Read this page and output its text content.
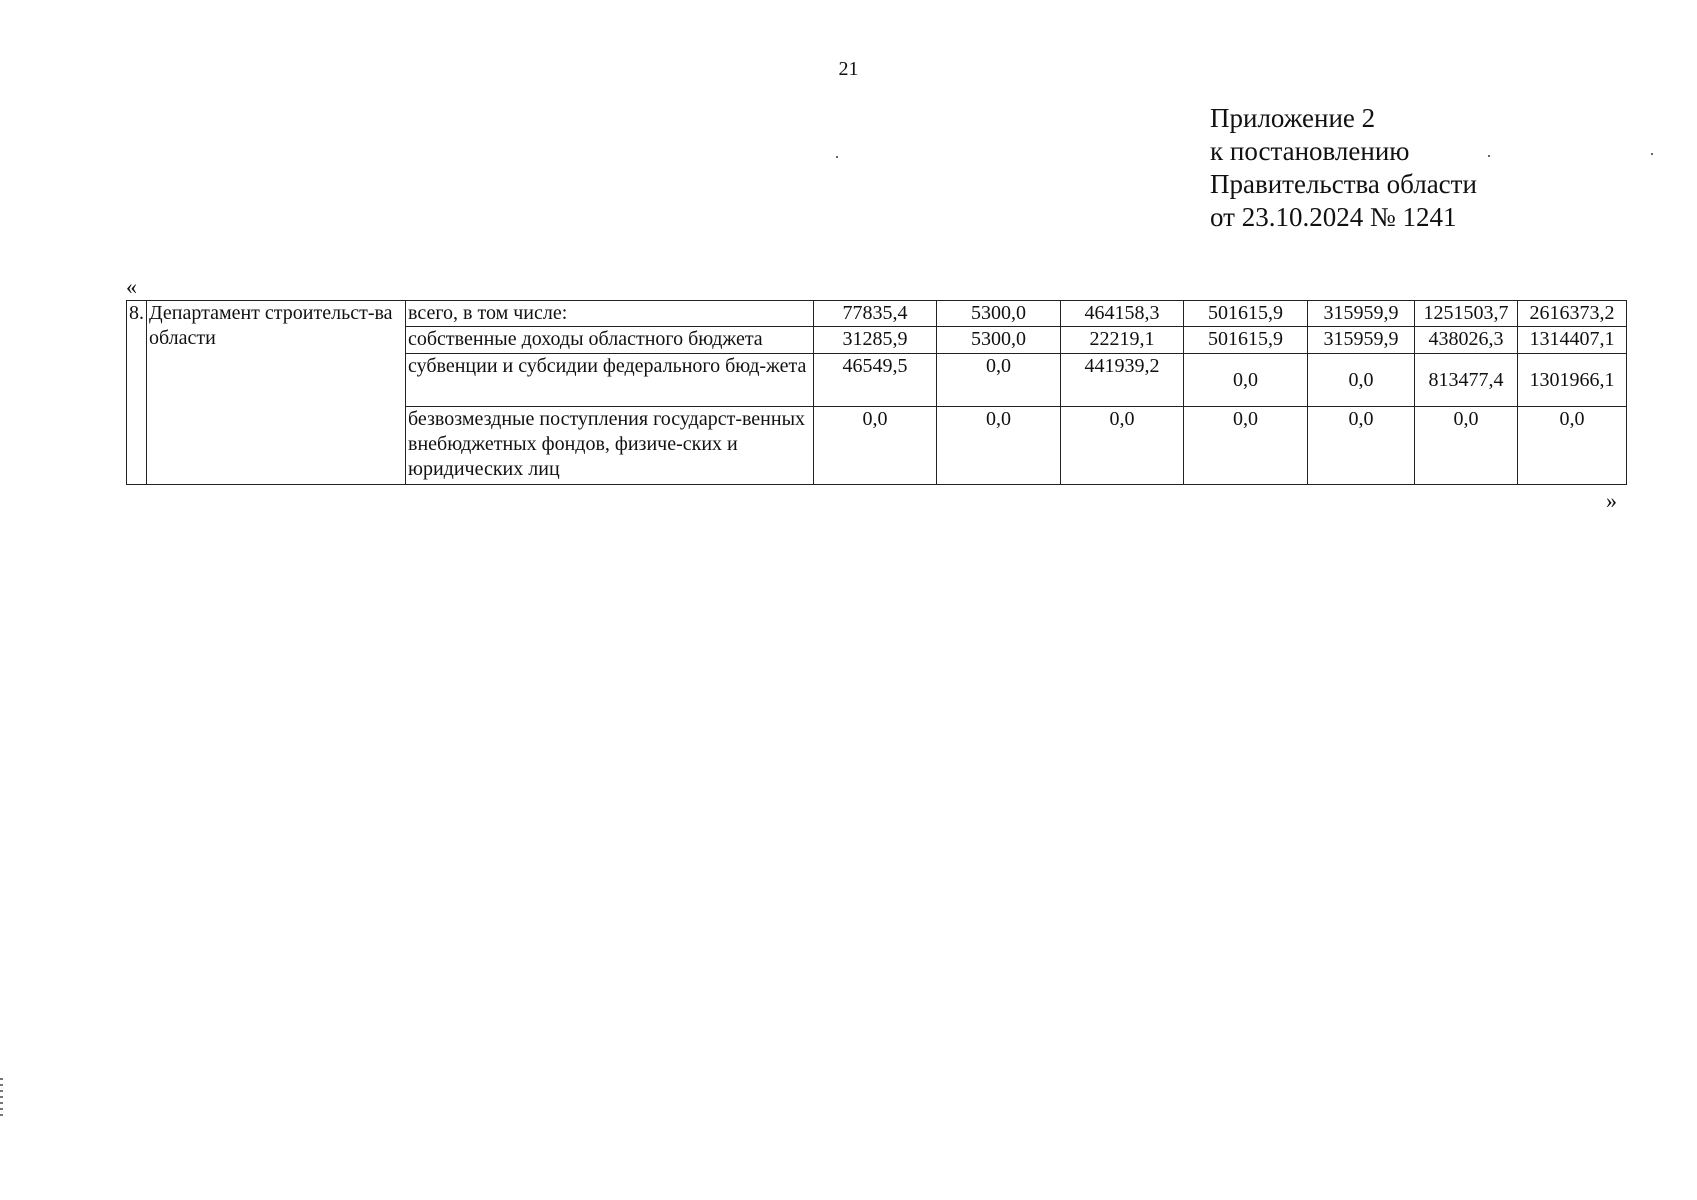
21
Приложение 2
к постановлению
Правительства области
от 23.10.2024 № 1241
«
8.	Департамент строительст-ва области	всего, в том числе:	77835,4	5300,0	464158,3	501615,9	315959,9	1251503,7	2616373,2
		собственные доходы областного бюджета	31285,9	5300,0	22219,1	501615,9	315959,9	438026,3	1314407,1
		субвенции и субсидии федерального бюд-жета	46549,5	0,0	441939,2	0,0	0,0	813477,4	1301966,1
		безвозмездные поступления государст-венных внебюджетных фондов, физиче-ских и юридических лиц	0,0	0,0	0,0	0,0	0,0	0,0	0,0
»
